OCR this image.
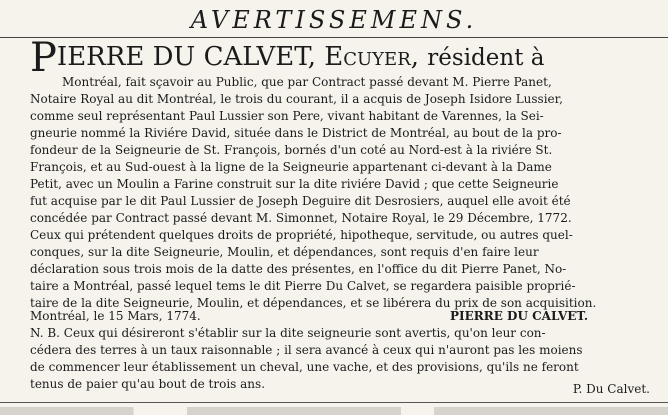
AVERTISSEMENS.
PIERRE DU CALVET, Ecuyer, résident à
Montréal, fait sçavoir au Public, que par Contract passé devant M. Pierre Panet,
Notaire Royal au dit Montréal, le trois du courant, il a acquis de Joseph Isidore Lussier,
comme seul représentant Paul Lussier son Pere, vivant habitant de Varennes, la Sei-
gneurie nommé la Riviére David, située dans le District de Montréal, au bout de la pro-
fondeur de la Seigneurie de St. François, bornés d'un coté au Nord-est à la riviére St.
François, et au Sud-ouest à la ligne de la Seigneurie appartenant ci-devant à la Dame
Petit, avec un Moulin a Farine construit sur la dite riviére David ; que cette Seigneurie
fut acquise par le dit Paul Lussier de Joseph Deguire dit Desrosiers, auquel elle avoit été
concédée par Contract passé devant M. Simonnet, Notaire Royal, le 29 Décembre, 1772.
Ceux qui prétendent quelques droits de propriété, hipotheque, servitude, ou autres quel-
conques, sur la dite Seigneurie, Moulin, et dépendances, sont requis d'en faire leur
déclaration sous trois mois de la datte des présentes, en l'office du dit Pierre Panet, No-
taire a Montréal, passé lequel tems le dit Pierre Du Calvet, se regardera paisible proprié-
taire de la dite Seigneurie, Moulin, et dépendances, et se libérera du prix de son acquisition.
Montréal, le 15 Mars, 1774.	PIERRE DU CALVET.
N. B. Ceux qui désireront s'établir sur la dite seigneurie sont avertis, qu'on leur con-
cédera des terres à un taux raisonnable ; il sera avancé à ceux qui n'auront pas les moiens
de commencer leur établissement un cheval, une vache, et des provisions, qu'ils ne feront
tenus de paier qu'au bout de trois ans.	P. Du Calvet.
